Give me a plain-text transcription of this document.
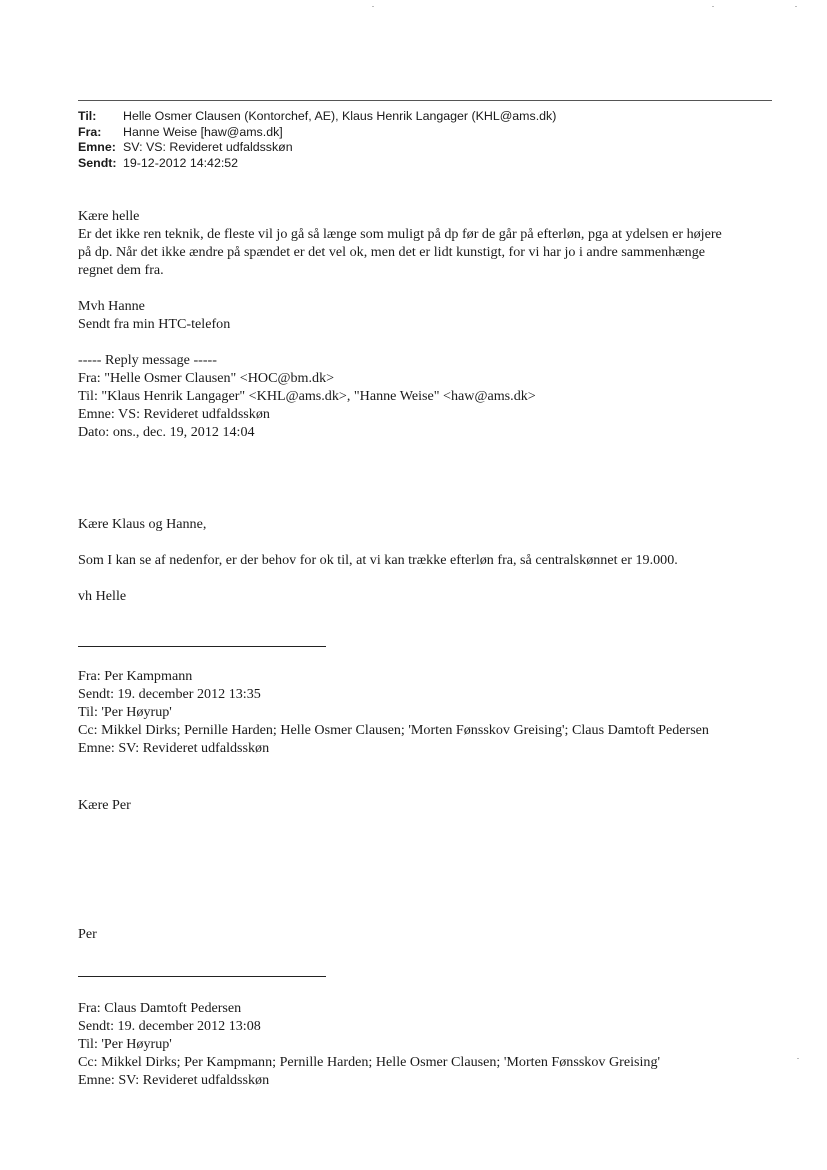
Til:	Helle Osmer Clausen (Kontorchef, AE), Klaus Henrik Langager (KHL@ams.dk)
Fra:	Hanne Weise [haw@ams.dk]
Emne: SV: VS: Revideret udfaldsskøn
Sendt: 19-12-2012 14:42:52
Kære helle
Er det ikke ren teknik, de fleste vil jo gå så længe som muligt på dp før de går på efterløn, pga at ydelsen er højere
på dp. Når det ikke ændre på spændet er det vel ok, men det er lidt kunstigt, for vi har jo i andre sammenhænge
regnet dem fra.
Mvh Hanne
Sendt fra min HTC-telefon
----- Reply message -----
Fra: "Helle Osmer Clausen" <HOC@bm.dk>
Til: "Klaus Henrik Langager" <KHL@ams.dk>, "Hanne Weise" <haw@ams.dk>
Emne: VS: Revideret udfaldsskøn
Dato: ons., dec. 19, 2012 14:04
Kære Klaus og Hanne,
Som I kan se af nedenfor, er der behov for ok til, at vi kan trække efterløn fra, så centralskønnet er 19.000.
vh Helle
Fra: Per Kampmann
Sendt: 19. december 2012 13:35
Til: 'Per Høyrup'
Cc: Mikkel Dirks; Pernille Harden; Helle Osmer Clausen; 'Morten Fønsskov Greising'; Claus Damtoft Pedersen
Emne: SV: Revideret udfaldsskøn
Kære Per
Per
Fra: Claus Damtoft Pedersen
Sendt: 19. december 2012 13:08
Til: 'Per Høyrup'
Cc: Mikkel Dirks; Per Kampmann; Pernille Harden; Helle Osmer Clausen; 'Morten Fønsskov Greising'
Emne: SV: Revideret udfaldsskøn
